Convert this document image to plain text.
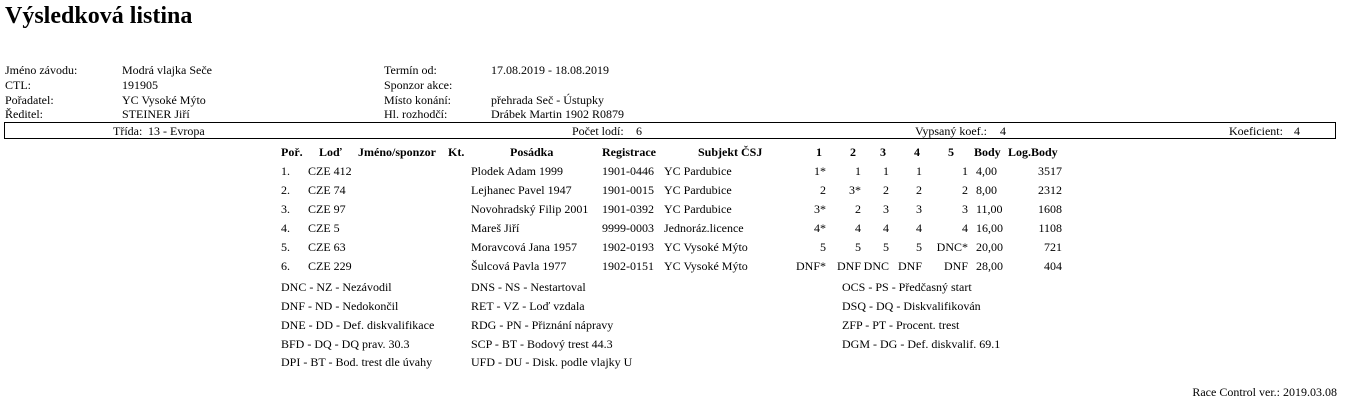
Výsledková listina
Jméno závodu:	Modrá vlajka Seče
CTL:	191905
Pořadatel:	YC Vysoké Mýto
Ředitel:	STEINER Jiří
Termín od:	17.08.2019 - 18.08.2019
Sponzor akce:
Místo konání:	přehrada Seč - Ústupky
Hl. rozhodčí:	Drábek Martin 1902 R0879
Třída: 13 - Evropa	Počet lodí: 6	Vypsaný koef.: 4	Koeficient: 4
Poř. Loď Jméno/sponzor Kt.	Posádka	Registrace	Subjekt ČSJ	1 2 3 4 5 Body Log.Body
1. CZE 412	Plodek Adam 1999	1901-0446 YC Pardubice	1*	1	1	1	1 4,00	3517
2. CZE 74	Lejhanec Pavel 1947	1901-0015 YC Pardubice	2	3*	2	2	2 8,00	2312
3. CZE 97	Novohradský Filip 2001 1901-0392 YC Pardubice	3*	2	3	3	3 11,00	1608
4. CZE 5	Mareš Jiří	9999-0003 Jednoráz.licence	4*	4	4	4	4 16,00	1108
5. CZE 63	Moravcová Jana 1957 1902-0193 YC Vysoké Mýto	5	5	5	5	DNC* 20,00	721
6. CZE 229	Šulcová Pavla 1977	1902-0151 YC Vysoké Mýto	DNF* DNF DNC DNF	DNF 28,00	404
DNC - NZ - Nezávodil	DNS - NS - Nestartoval	OCS - PS - Předčasný start
DNF - ND - Nedokončil	RET - VZ - Loď vzdala	DSQ - DQ - Diskvalifikován
DNE - DD - Def. diskvalifikace	RDG - PN - Přiznání nápravy	ZFP - PT - Procent. trest
BFD - DQ - DQ prav. 30.3	SCP - BT - Bodový trest 44.3	DGM - DG - Def. diskvalif. 69.1
DPI - BT - Bod. trest dle úvahy	UFD - DU - Disk. podle vlajky U
Race Control ver.: 2019.03.08
